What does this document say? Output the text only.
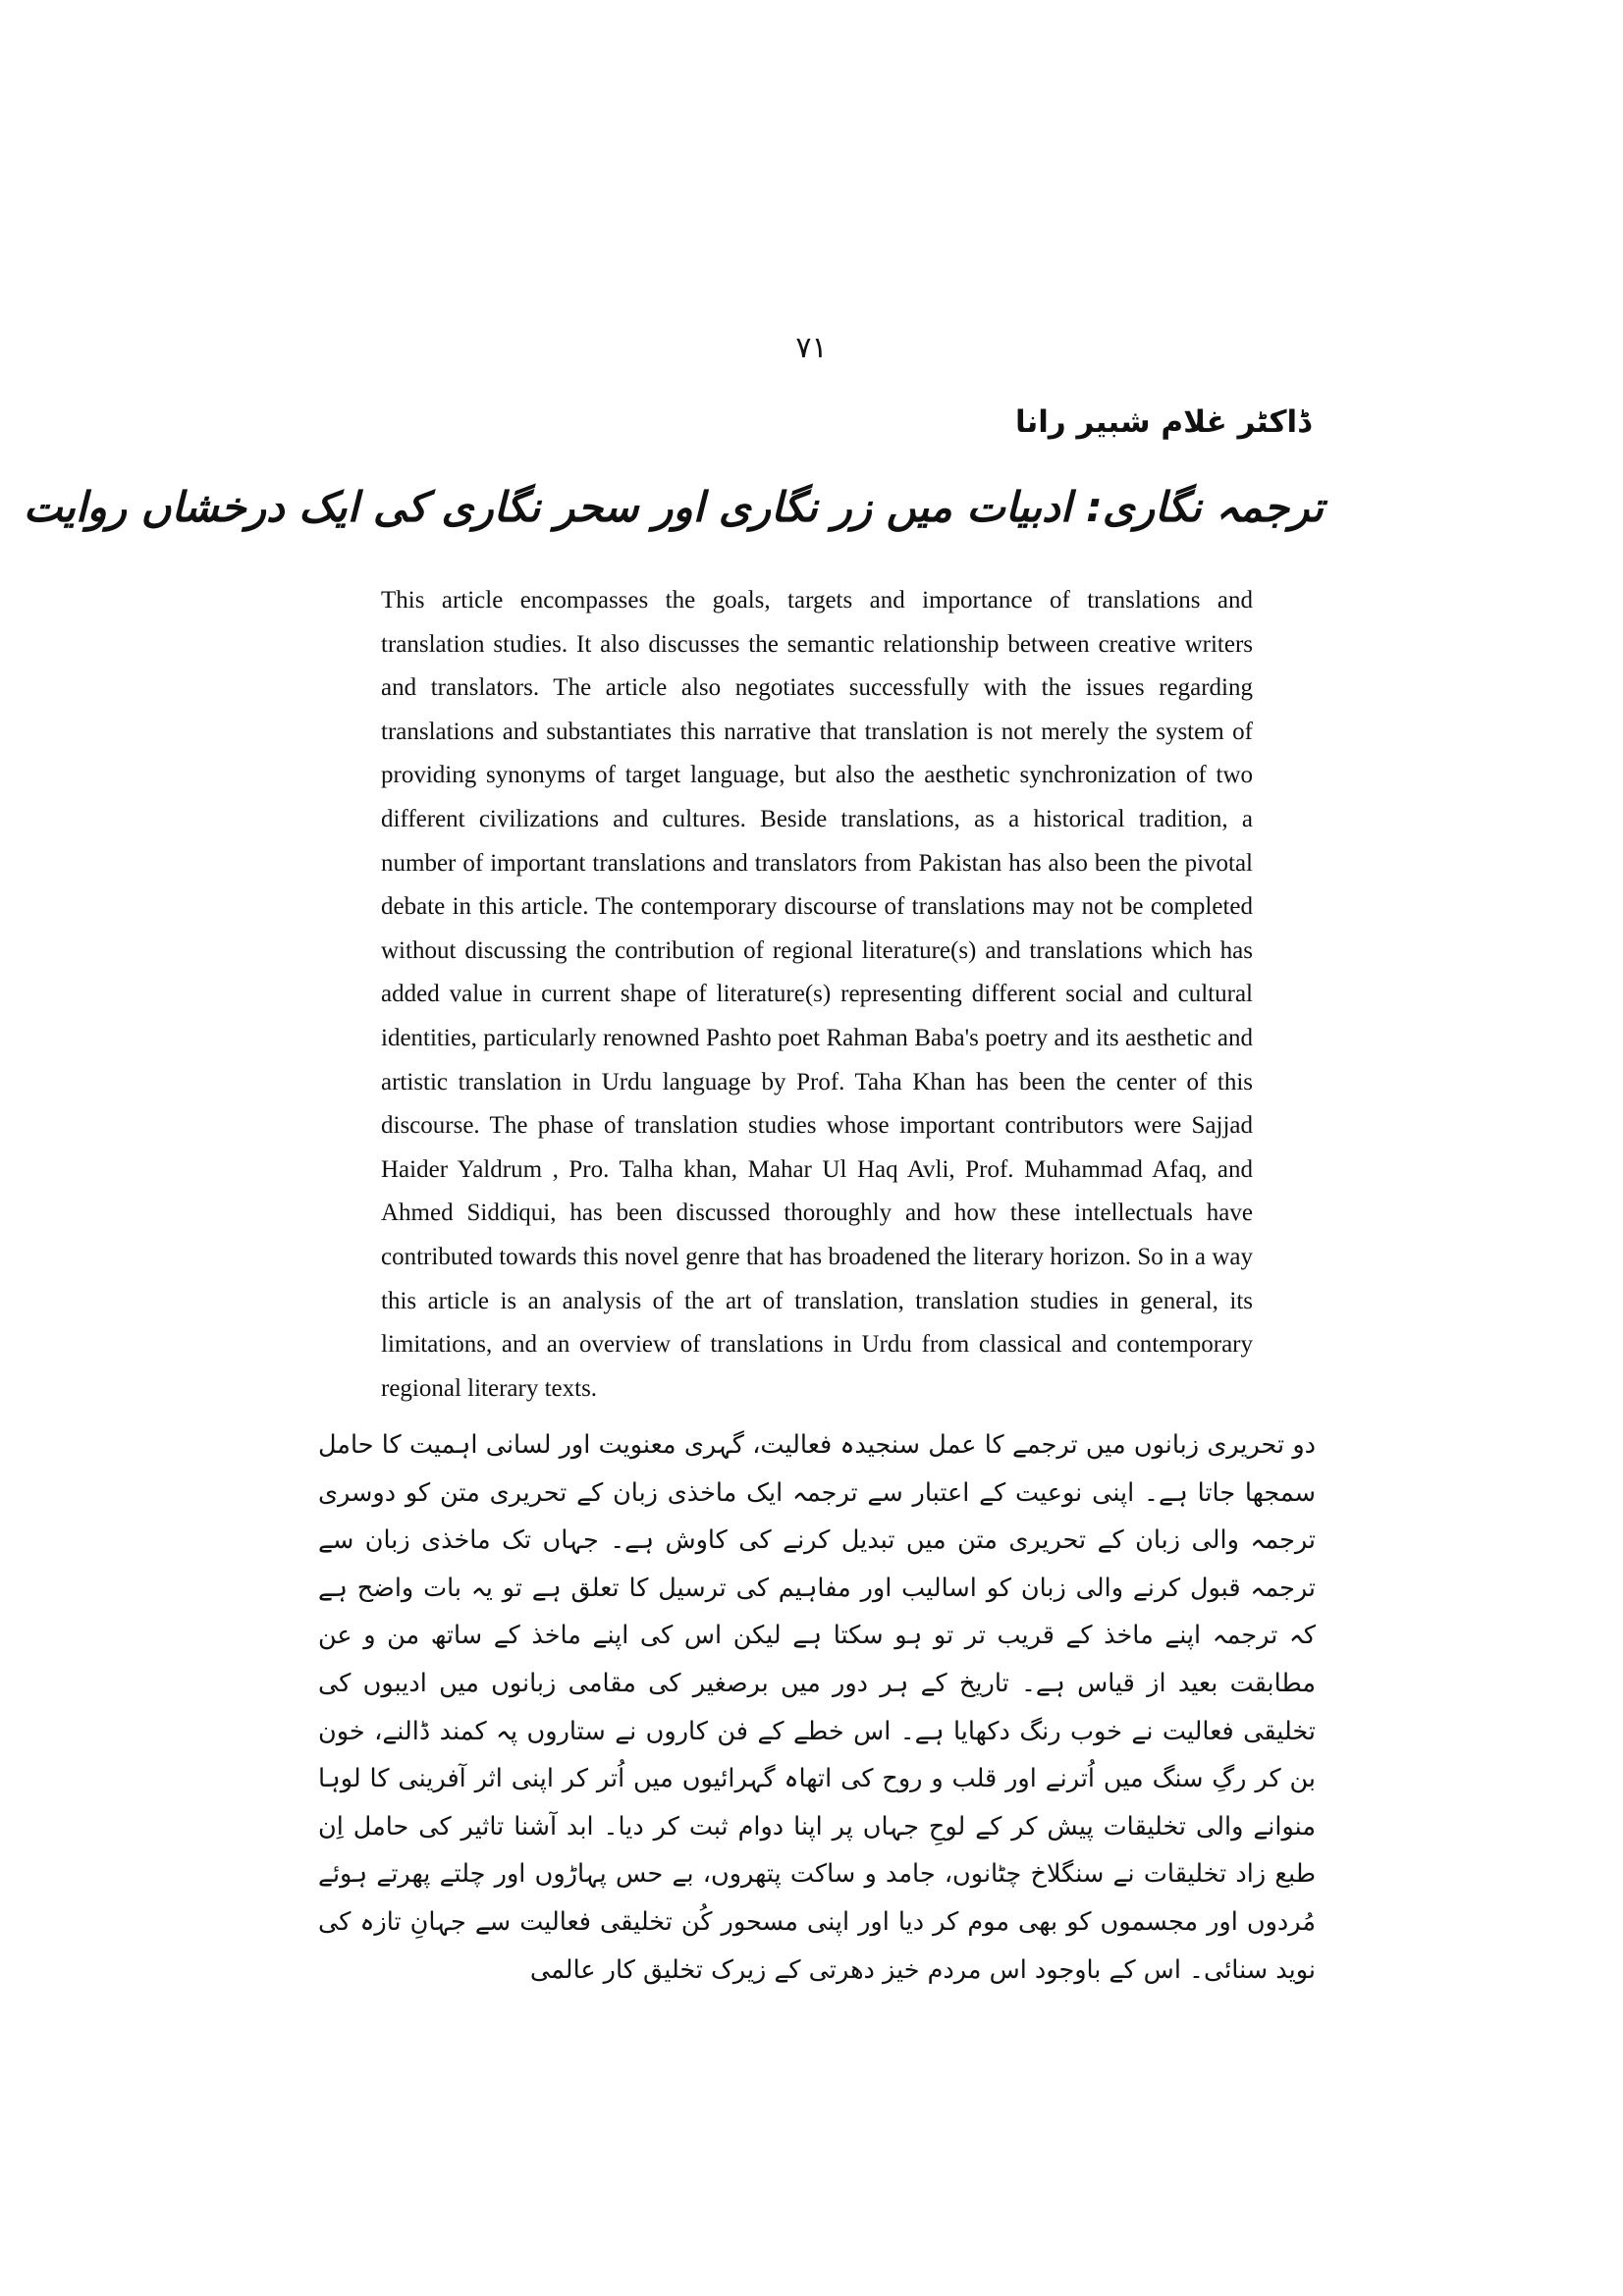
۷۱
ڈاکٹر غلام شبیر رانا
ترجمہ نگاری: ادبیات میں زر نگاری اور سحر نگاری کی ایک درخشاں روایت

This article encompasses the goals, targets and importance of translations and translation studies. It also discusses the semantic relationship between creative writers and translators. The article also negotiates successfully with the issues regarding translations and substantiates this narrative that translation is not merely the system of providing synonyms of target language, but also the aesthetic synchronization of two different civilizations and cultures. Beside translations, as a historical tradition, a number of important translations and translators from Pakistan has also been the pivotal debate in this article. The contemporary discourse of translations may not be completed without discussing the contribution of regional literature(s) and translations which has added value in current shape of literature(s) representing different social and cultural identities, particularly renowned Pashto poet Rahman Baba's poetry and its aesthetic and artistic translation in Urdu language by Prof. Taha Khan has been the center of this discourse. The phase of translation studies whose important contributors were Sajjad Haider Yaldrum , Pro. Talha khan, Mahar Ul Haq Avli, Prof. Muhammad Afaq, and Ahmed Siddiqui, has been discussed thoroughly and how these intellectuals have contributed towards this novel genre that has broadened the literary horizon. So in a way this article is an analysis of the art of translation, translation studies in general, its limitations, and an overview of translations in Urdu from classical and contemporary regional literary texts.

دو تحریری زبانوں میں ترجمے کا عمل سنجیدہ فعالیت، گہری معنویت اور لسانی اہمیت کا حامل سمجھا جاتا ہے۔ اپنی نوعیت کے اعتبار سے ترجمہ ایک ماخذی زبان کے تحریری متن کو دوسری ترجمہ والی زبان کے تحریری متن میں تبدیل کرنے کی کاوش ہے۔ جہاں تک ماخذی زبان سے ترجمہ قبول کرنے والی زبان کو اسالیب اور مفاہیم کی ترسیل کا تعلق ہے تو یہ بات واضح ہے کہ ترجمہ اپنے ماخذ کے قریب تر تو ہو سکتا ہے لیکن اس کی اپنے ماخذ کے ساتھ من و عن مطابقت بعید از قیاس ہے۔ تاریخ کے ہر دور میں برصغیر کی مقامی زبانوں میں ادیبوں کی تخلیقی فعالیت نے خوب رنگ دکھایا ہے۔ اس خطے کے فن کاروں نے ستاروں پہ کمند ڈالنے، خون بن کر رگِ سنگ میں اُترنے اور قلب و روح کی اتھاہ گہرائیوں میں اُتر کر اپنی اثر آفرینی کا لوہا منوانے والی تخلیقات پیش کر کے لوحِ جہاں پر اپنا دوام ثبت کر دیا۔ ابد آشنا تاثیر کی حامل اِن طبع زاد تخلیقات نے سنگلاخ چٹانوں، جامد و ساکت پتھروں، بے حس پہاڑوں اور چلتے پھرتے ہوئے مُردوں اور مجسموں کو بھی موم کر دیا اور اپنی مسحور کُن تخلیقی فعالیت سے جہانِ تازہ کی نوید سنائی۔ اس کے باوجود اس مردم خیز دھرتی کے زیرک تخلیق کار عالمی
